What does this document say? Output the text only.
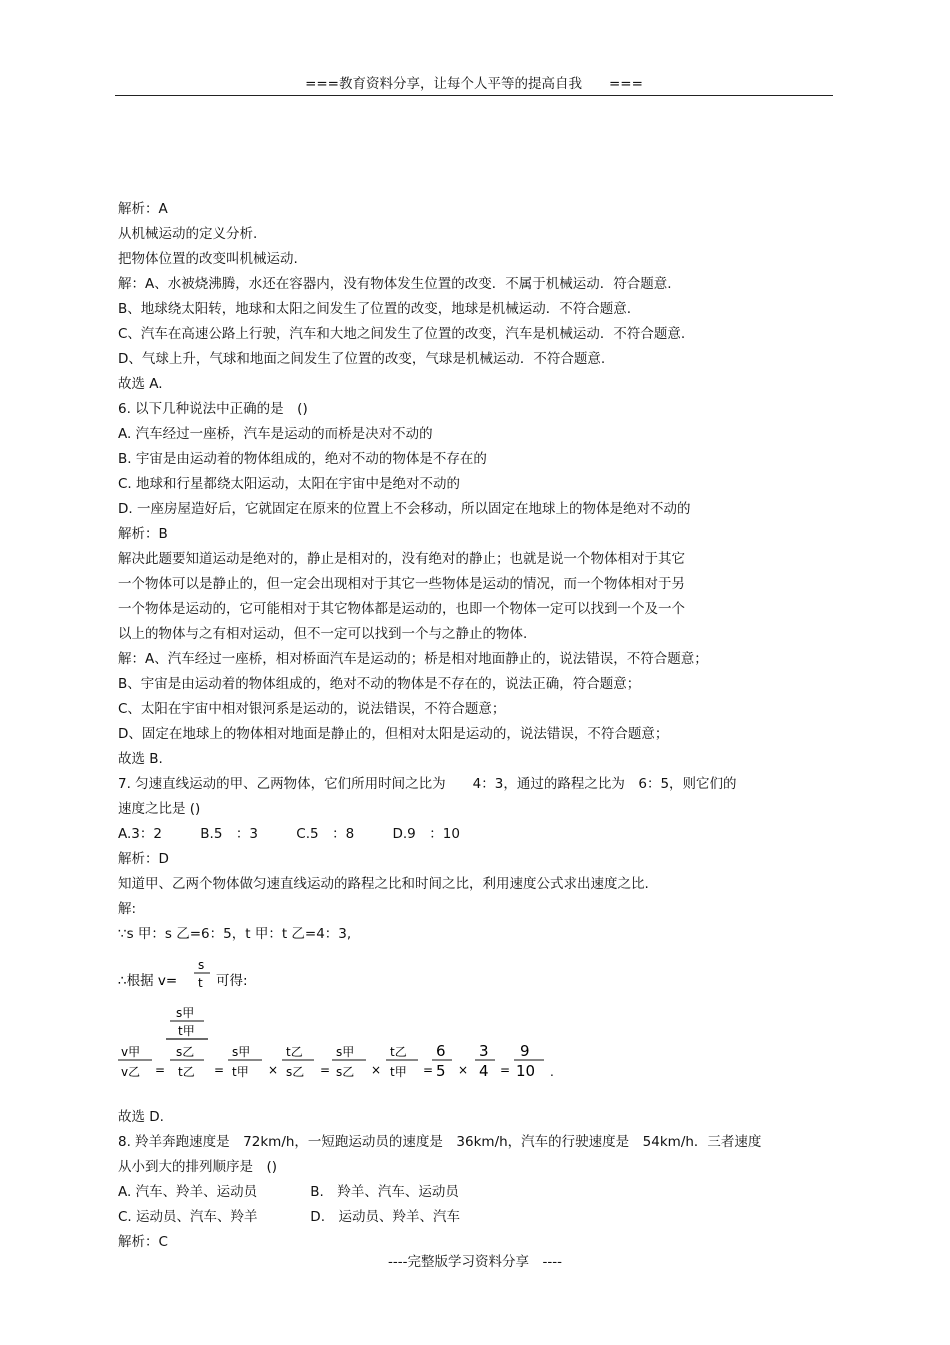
===教育资料分享，让每个人平等的提高自我　　===
解析：A
从机械运动的定义分析.
把物体位置的改变叫机械运动.
解：A、水被烧沸腾，水还在容器内，没有物体发生位置的改变．不属于机械运动．符合题意.
B、地球绕太阳转，地球和太阳之间发生了位置的改变，地球是机械运动．不符合题意.
C、汽车在高速公路上行驶，汽车和大地之间发生了位置的改变，汽车是机械运动．不符合题意.
D、气球上升，气球和地面之间发生了位置的改变，气球是机械运动．不符合题意.
故选 A.
6. 以下几种说法中正确的是　()
A. 汽车经过一座桥，汽车是运动的而桥是决对不动的
B. 宇宙是由运动着的物体组成的，绝对不动的物体是不存在的
C. 地球和行星都绕太阳运动，太阳在宇宙中是绝对不动的
D. 一座房屋造好后，它就固定在原来的位置上不会移动，所以固定在地球上的物体是绝对不动的
解析：B
解决此题要知道运动是绝对的，静止是相对的，没有绝对的静止；也就是说一个物体相对于其它
一个物体可以是静止的，但一定会出现相对于其它一些物体是运动的情况，而一个物体相对于另
一个物体是运动的，它可能相对于其它物体都是运动的，也即一个物体一定可以找到一个及一个
以上的物体与之有相对运动，但不一定可以找到一个与之静止的物体.
解：A、汽车经过一座桥，相对桥面汽车是运动的；桥是相对地面静止的，说法错误，不符合题意；
B、宇宙是由运动着的物体组成的，绝对不动的物体是不存在的，说法正确，符合题意；
C、太阳在宇宙中相对银河系是运动的，说法错误，不符合题意；
D、固定在地球上的物体相对地面是静止的，但相对太阳是运动的，说法错误，不符合题意；
故选 B.
7. 匀速直线运动的甲、乙两物体，它们所用时间之比为　　4：3，通过的路程之比为　6：5，则它们的
速度之比是 ()
A.3：2	B.5　：3	C.5　：8	D.9　：10
解析：D
知道甲、乙两个物体做匀速直线运动的路程之比和时间之比，利用速度公式求出速度之比.
解:
∵s 甲：s 乙=6：5，t 甲：t 乙=4：3,
∴根据 v=
s
t 可得:
s甲
t甲
s乙
t乙
v甲
v乙 =	=
s甲
t甲 ×
t乙
s乙 =
s甲
s乙 ×
t乙
t甲 =
6
5 ×
3
4 =
9
10 .
故选 D.
8. 羚羊奔跑速度是　72km/h，一短跑运动员的速度是　36km/h，汽车的行驶速度是　54km/h．三者速度
从小到大的排列顺序是　()
A. 汽车、羚羊、运动员	B.　羚羊、汽车、运动员
C. 运动员、汽车、羚羊	D.　运动员、羚羊、汽车
解析：C
----完整版学习资料分享　----
